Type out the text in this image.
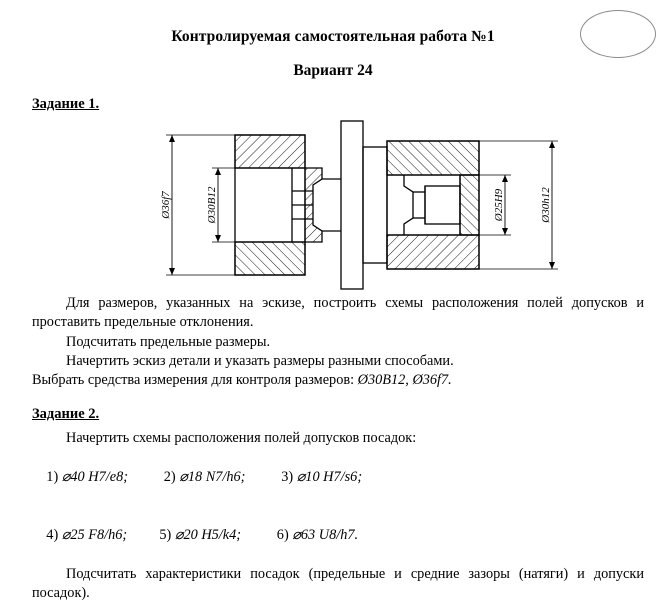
Контролируемая самостоятельная работа №1
Вариант 24
Задание 1.
Ø36f7	Ø30B12	Ø25H9	Ø30h12
Для размеров, указанных на эскизе, построить схемы расположения полей допусков и проставить предельные отклонения.
Подсчитать предельные размеры.
Начертить эскиз детали и указать размеры разными способами.
Выбрать средства измерения для контроля размеров: Ø30В12, Ø36f7.
Задание 2.
Начертить схемы расположения полей допусков посадок:

1) ⌀40 H7/e8;	2) ⌀18 N7/h6;	3) ⌀10 H7/s6;

4) ⌀25 F8/h6; 5) ⌀20 H5/k4;	6) ⌀63 U8/h7.

Подсчитать характеристики посадок (предельные и средние зазоры (натяги) и допуски посадок).
